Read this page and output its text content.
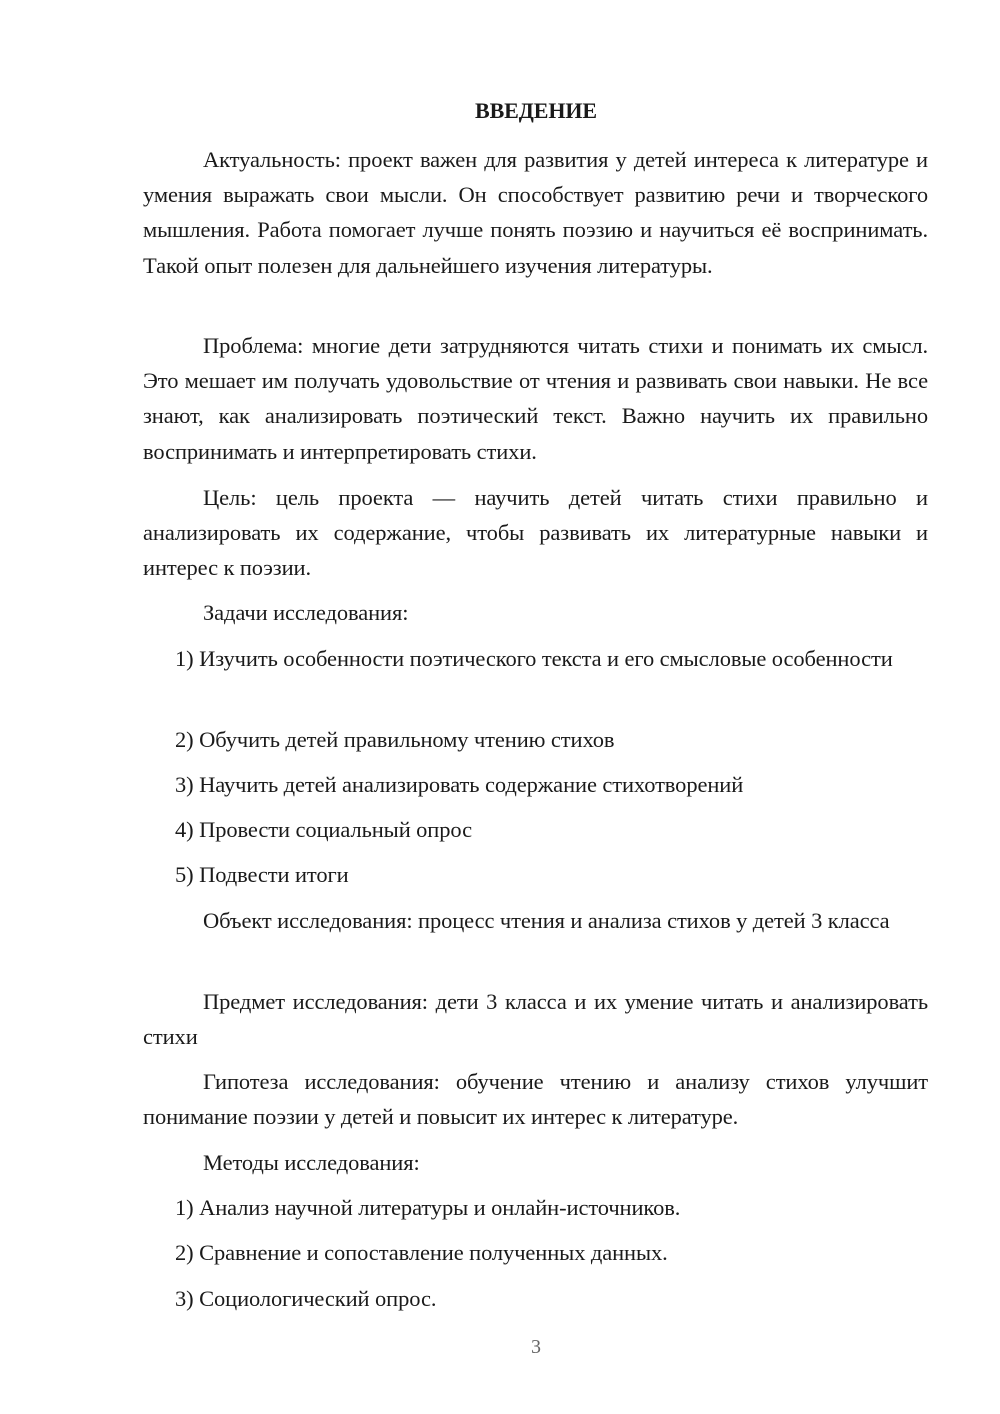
ВВЕДЕНИЕ

Актуальность: проект важен для развития у детей интереса к литературе и умения выражать свои мысли. Он способствует развитию речи и творческого мышления. Работа помогает лучше понять поэзию и научиться её воспринимать. Такой опыт полезен для дальнейшего изучения литературы.

Проблема: многие дети затрудняются читать стихи и понимать их смысл. Это мешает им получать удовольствие от чтения и развивать свои навыки. Не все знают, как анализировать поэтический текст. Важно научить их правильно воспринимать и интерпретировать стихи.

Цель: цель проекта — научить детей читать стихи правильно и анализировать их содержание, чтобы развивать их литературные навыки и интерес к поэзии.

Задачи исследования:

1) Изучить особенности поэтического текста и его смысловые особенности

2) Обучить детей правильному чтению стихов

3) Научить детей анализировать содержание стихотворений

4) Провести социальный опрос

5) Подвести итоги

Объект исследования: процесс чтения и анализа стихов у детей 3 класса

Предмет исследования: дети 3 класса и их умение читать и анализировать стихи

Гипотеза исследования: обучение чтению и анализу стихов улучшит понимание поэзии у детей и повысит их интерес к литературе.

Методы исследования:

1) Анализ научной литературы и онлайн-источников.

2) Сравнение и сопоставление полученных данных.

3) Социологический опрос.

3
